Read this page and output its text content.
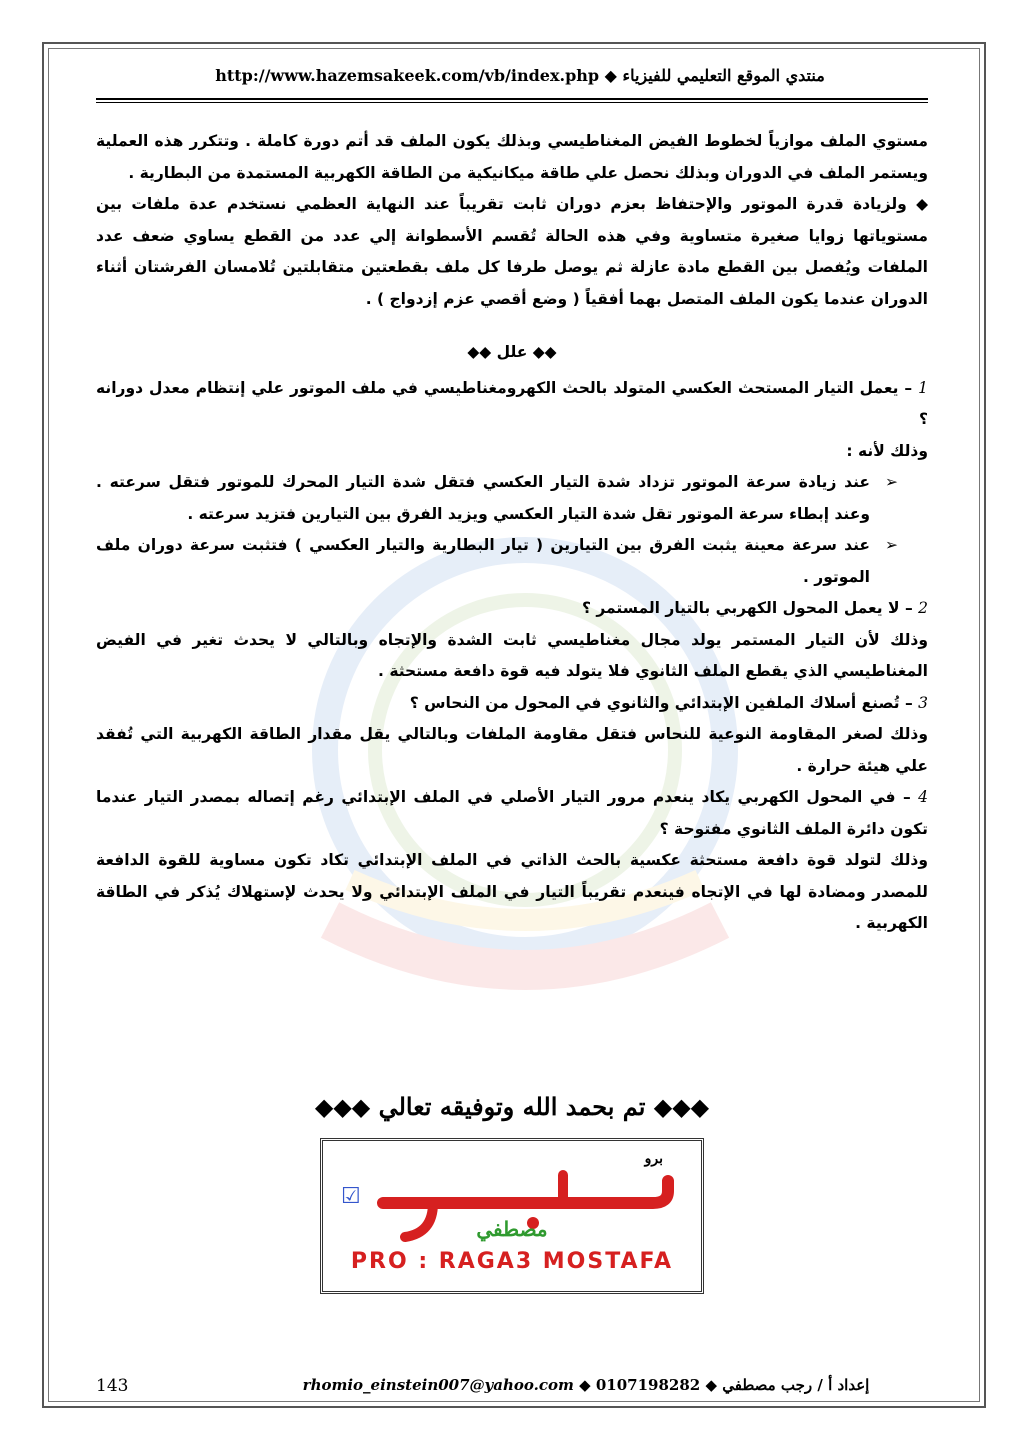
منتدي الموقع التعليمي للفيزياء ◆ http://www.hazemsakeek.com/vb/index.php

مستوي الملف موازياً لخطوط الفيض المغناطيسي وبذلك يكون الملف قد أتم دورة كاملة . وتتكرر هذه العملية ويستمر الملف في الدوران وبذلك نحصل علي طاقة ميكانيكية من الطاقة الكهربية المستمدة من البطارية .

◆ ولزيادة قدرة الموتور والإحتفاظ بعزم دوران ثابت تقريباً عند النهاية العظمي نستخدم عدة ملفات بين مستوياتها زوايا صغيرة متساوية وفي هذه الحالة تُقسم الأسطوانة إلي عدد من القطع يساوي ضعف عدد الملفات ويُفصل بين القطع مادة عازلة ثم يوصل طرفا كل ملف بقطعتين متقابلتين تُلامسان الفرشتان أثناء الدوران عندما يكون الملف المتصل بهما أفقياً ( وضع أقصي عزم إزدواج ) .

◆◆ علل ◆◆

1 – يعمل التيار المستحث العكسي المتولد بالحث الكهرومغناطيسي في ملف الموتور علي إنتظام معدل دورانه ؟

وذلك لأنه :

➢
عند زيادة سرعة الموتور تزداد شدة التيار العكسي فتقل شدة التيار المحرك للموتور فتقل سرعته . وعند إبطاء سرعة الموتور تقل شدة التيار العكسي ويزيد الفرق بين التيارين فتزيد سرعته .

➢
عند سرعة معينة يثبت الفرق بين التيارين ( تيار البطارية والتيار العكسي ) فتثبت سرعة دوران ملف الموتور .

2 – لا يعمل المحول الكهربي بالتيار المستمر ؟

وذلك لأن التيار المستمر يولد مجال مغناطيسي ثابت الشدة والإتجاه وبالتالي لا يحدث تغير في الفيض المغناطيسي الذي يقطع الملف الثانوي فلا يتولد فيه قوة دافعة مستحثة .

3 – تُصنع أسلاك الملفين الإبتدائي والثانوي في المحول من النحاس ؟

وذلك لصغر المقاومة النوعية للنحاس فتقل مقاومة الملفات وبالتالي يقل مقدار الطاقة الكهربية التي تُفقد علي هيئة حرارة .

4 – في المحول الكهربي يكاد ينعدم مرور التيار الأصلي في الملف الإبتدائي رغم إتصاله بمصدر التيار عندما تكون دائرة الملف الثانوي مفتوحة ؟

وذلك لتولد قوة دافعة مستحثة عكسية بالحث الذاتي في الملف الإبتدائي تكاد تكون مساوية للقوة الدافعة للمصدر ومضادة لها في الإتجاه فينعدم تقريباً التيار في الملف الإبتدائي ولا يحدث لإستهلاك يُذكر في الطاقة الكهربية .

◆◆◆ تم بحمد الله وتوفيقه تعالي ◆◆◆
☑
برو
مصطفي
PRO : RAGA3 MOSTAFA
143	إعداد أ / رجب مصطفي ◆ 0107198282 ◆ rhomio_einstein007@yahoo.com
